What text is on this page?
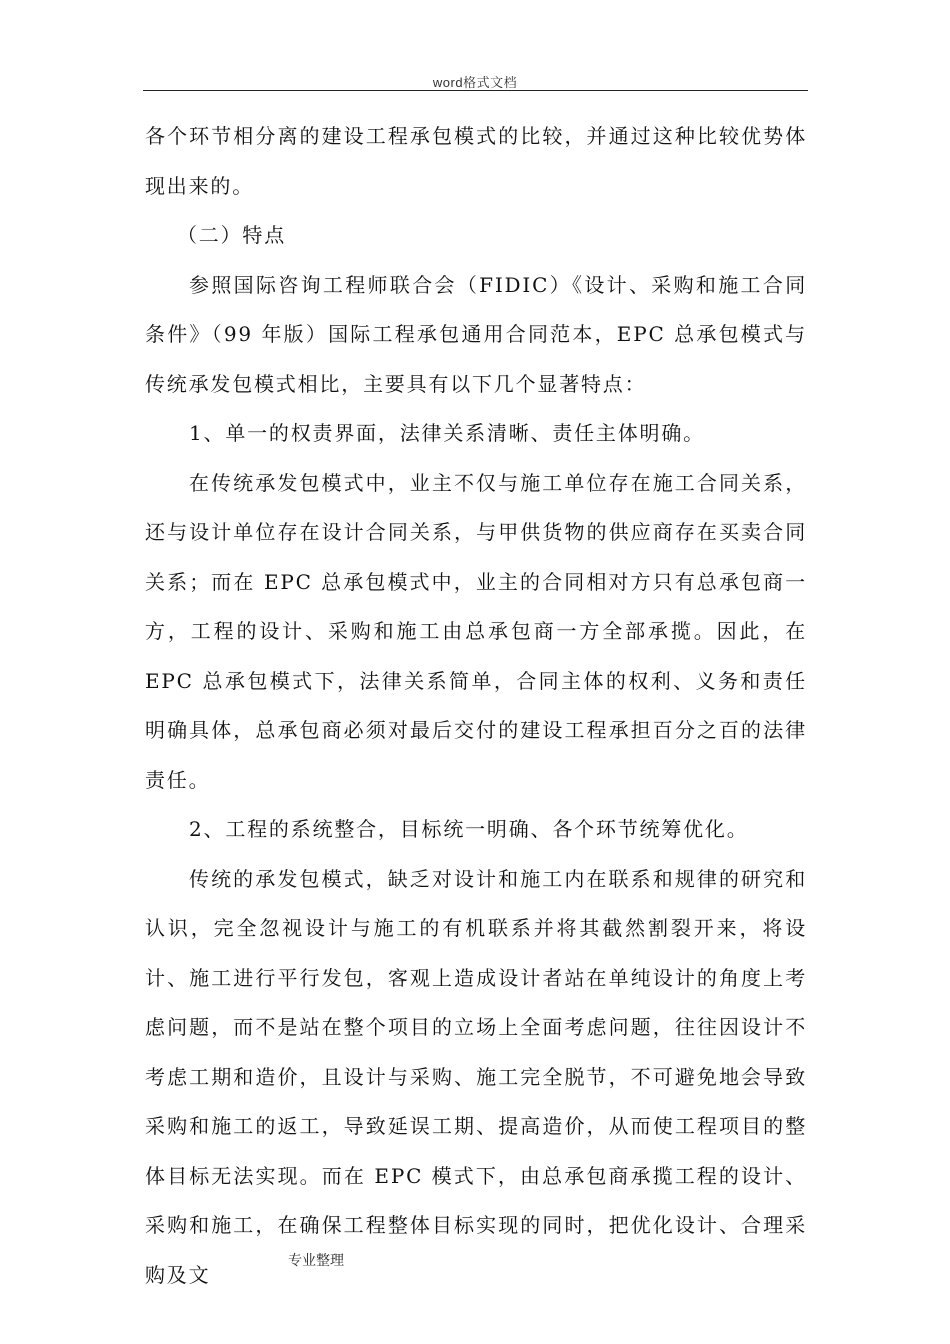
word格式文档

各个环节相分离的建设工程承包模式的比较，并通过这种比较优势体现出来的。

（二）特点

参照国际咨询工程师联合会（FIDIC）《设计、采购和施工合同条件》（99 年版）国际工程承包通用合同范本，EPC 总承包模式与传统承发包模式相比，主要具有以下几个显著特点：

1、单一的权责界面，法律关系清晰、责任主体明确。

在传统承发包模式中，业主不仅与施工单位存在施工合同关系，还与设计单位存在设计合同关系，与甲供货物的供应商存在买卖合同关系；而在 EPC 总承包模式中，业主的合同相对方只有总承包商一方，工程的设计、采购和施工由总承包商一方全部承揽。因此，在 EPC 总承包模式下，法律关系简单，合同主体的权利、义务和责任明确具体，总承包商必须对最后交付的建设工程承担百分之百的法律责任。

2、工程的系统整合，目标统一明确、各个环节统筹优化。

传统的承发包模式，缺乏对设计和施工内在联系和规律的研究和认识，完全忽视设计与施工的有机联系并将其截然割裂开来，将设计、施工进行平行发包，客观上造成设计者站在单纯设计的角度上考虑问题，而不是站在整个项目的立场上全面考虑问题，往往因设计不考虑工期和造价，且设计与采购、施工完全脱节，不可避免地会导致采购和施工的返工，导致延误工期、提高造价，从而使工程项目的整体目标无法实现。而在 EPC 模式下，由总承包商承揽工程的设计、采购和施工，在确保工程整体目标实现的同时，把优化设计、合理采购及文

专业整理
